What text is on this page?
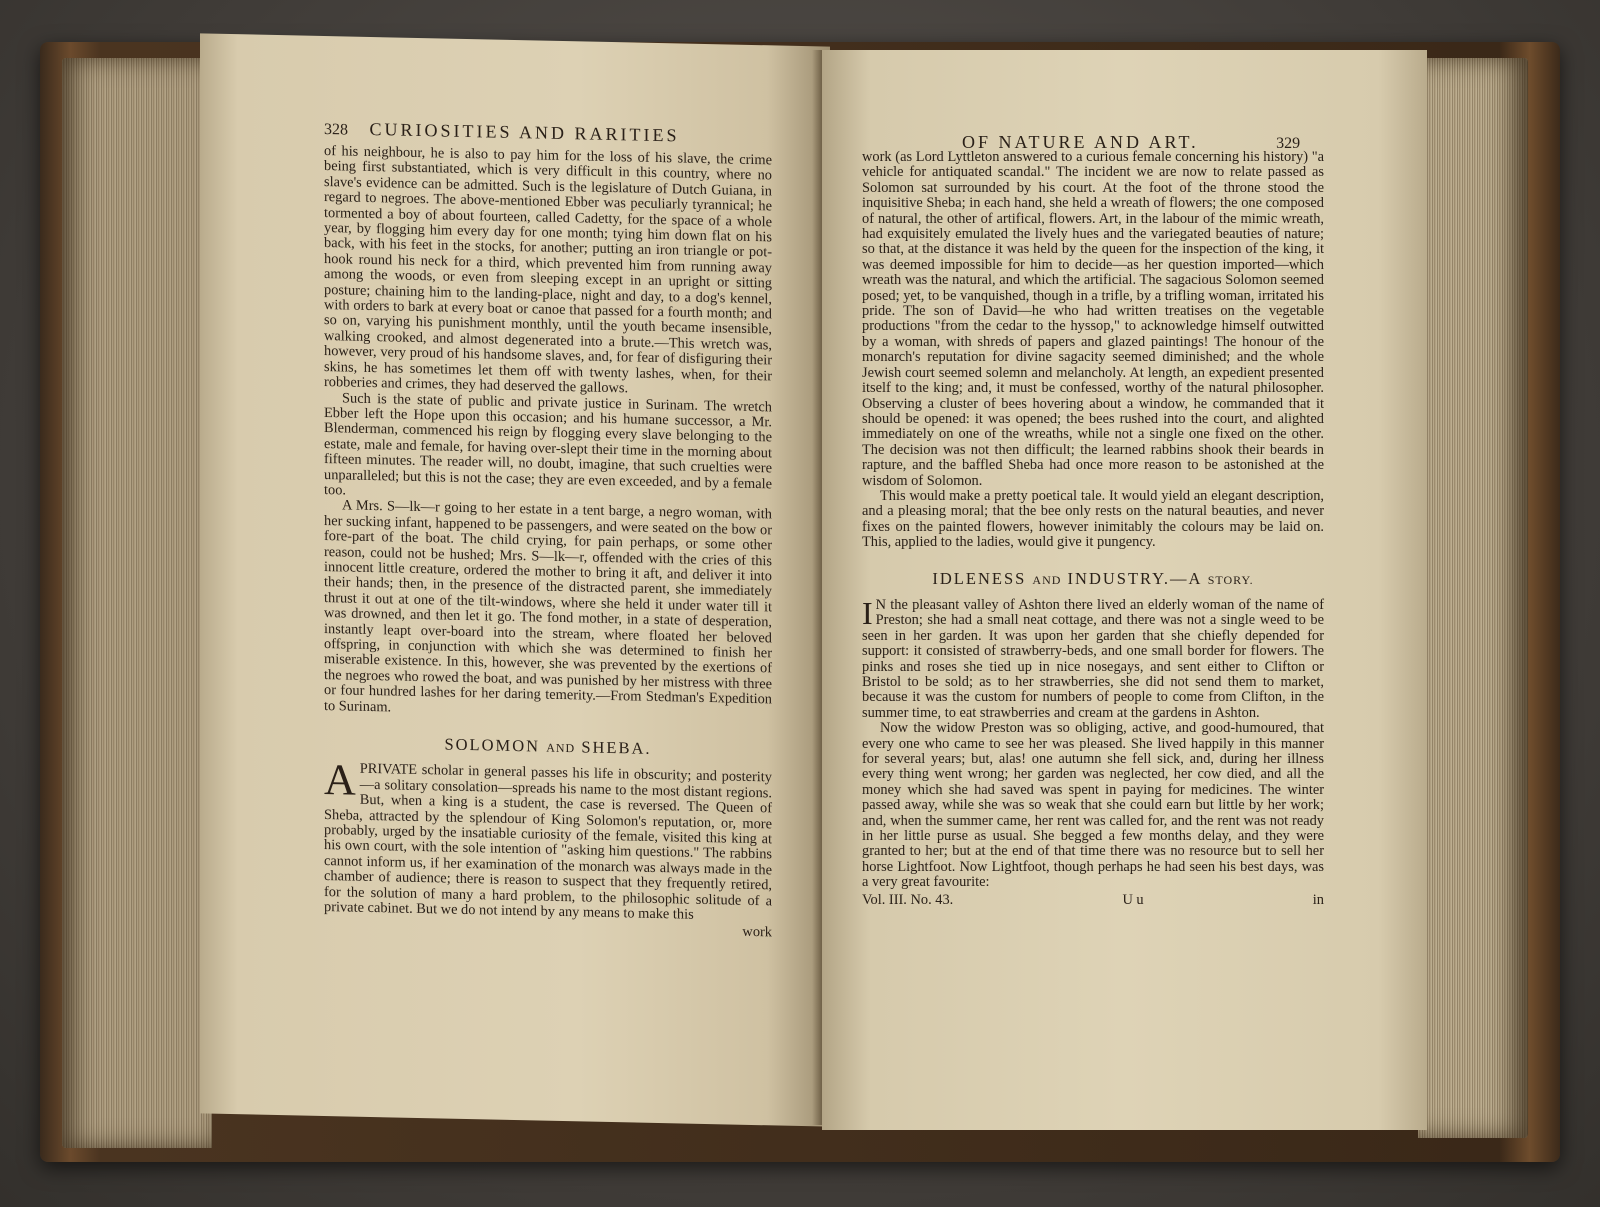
328 CURIOSITIES AND RARITIES

of his neighbour, he is also to pay him for the loss of his slave, the crime being first substantiated, which is very difficult in this country, where no slave's evidence can be admitted. Such is the legislature of Dutch Guiana, in regard to negroes. The above-mentioned Ebber was peculiarly tyrannical; he tormented a boy of about fourteen, called Cadetty, for the space of a whole year, by flogging him every day for one month; tying him down flat on his back, with his feet in the stocks, for another; putting an iron triangle or pot-hook round his neck for a third, which prevented him from running away among the woods, or even from sleeping except in an upright or sitting posture; chaining him to the landing-place, night and day, to a dog's kennel, with orders to bark at every boat or canoe that passed for a fourth month; and so on, varying his punishment monthly, until the youth became insensible, walking crooked, and almost degenerated into a brute.—This wretch was, however, very proud of his handsome slaves, and, for fear of disfiguring their skins, he has sometimes let them off with twenty lashes, when, for their robberies and crimes, they had deserved the gallows.

Such is the state of public and private justice in Surinam. The wretch Ebber left the Hope upon this occasion; and his humane successor, a Mr. Blenderman, commenced his reign by flogging every slave belonging to the estate, male and female, for having over-slept their time in the morning about fifteen minutes. The reader will, no doubt, imagine, that such cruelties were unparalleled; but this is not the case; they are even exceeded, and by a female too.

A Mrs. S—lk—r going to her estate in a tent barge, a negro woman, with her sucking infant, happened to be passengers, and were seated on the bow or fore-part of the boat. The child crying, for pain perhaps, or some other reason, could not be hushed; Mrs. S—lk—r, offended with the cries of this innocent little creature, ordered the mother to bring it aft, and deliver it into their hands; then, in the presence of the distracted parent, she immediately thrust it out at one of the tilt-windows, where she held it under water till it was drowned, and then let it go. The fond mother, in a state of desperation, instantly leapt over-board into the stream, where floated her beloved offspring, in conjunction with which she was determined to finish her miserable existence. In this, however, she was prevented by the exertions of the negroes who rowed the boat, and was punished by her mistress with three or four hundred lashes for her daring temerity.—From Stedman's Expedition to Surinam.

SOLOMON AND SHEBA.

APRIVATE scholar in general passes his life in obscurity; and posterity—a solitary consolation—spreads his name to the most distant regions. But, when a king is a student, the case is reversed. The Queen of Sheba, attracted by the splendour of King Solomon's reputation, or, more probably, urged by the insatiable curiosity of the female, visited this king at his own court, with the sole intention of "asking him questions." The rabbins cannot inform us, if her examination of the monarch was always made in the chamber of audience; there is reason to suspect that they frequently retired, for the solution of many a hard problem, to the philosophic solitude of a private cabinet. But we do not intend by any means to make this

work

OF NATURE AND ART.	329

work (as Lord Lyttleton answered to a curious female concerning his history) "a vehicle for antiquated scandal." The incident we are now to relate passed as Solomon sat surrounded by his court. At the foot of the throne stood the inquisitive Sheba; in each hand, she held a wreath of flowers; the one composed of natural, the other of artifical, flowers. Art, in the labour of the mimic wreath, had exquisitely emulated the lively hues and the variegated beauties of nature; so that, at the distance it was held by the queen for the inspection of the king, it was deemed impossible for him to decide—as her question imported—which wreath was the natural, and which the artificial. The sagacious Solomon seemed posed; yet, to be vanquished, though in a trifle, by a trifling woman, irritated his pride. The son of David—he who had written treatises on the vegetable productions "from the cedar to the hyssop," to acknowledge himself outwitted by a woman, with shreds of papers and glazed paintings! The honour of the monarch's reputation for divine sagacity seemed diminished; and the whole Jewish court seemed solemn and melancholy. At length, an expedient presented itself to the king; and, it must be confessed, worthy of the natural philosopher. Observing a cluster of bees hovering about a window, he commanded that it should be opened: it was opened; the bees rushed into the court, and alighted immediately on one of the wreaths, while not a single one fixed on the other. The decision was not then difficult; the learned rabbins shook their beards in rapture, and the baffled Sheba had once more reason to be astonished at the wisdom of Solomon.

This would make a pretty poetical tale. It would yield an elegant description, and a pleasing moral; that the bee only rests on the natural beauties, and never fixes on the painted flowers, however inimitably the colours may be laid on. This, applied to the ladies, would give it pungency.

IDLENESS AND INDUSTRY.—A STORY.

I N the pleasant valley of Ashton there lived an elderly woman of the name of Preston; she had a small neat cottage, and there was not a single weed to be seen in her garden. It was upon her garden that she chiefly depended for support: it consisted of strawberry-beds, and one small border for flowers. The pinks and roses she tied up in nice nosegays, and sent either to Clifton or Bristol to be sold; as to her strawberries, she did not send them to market, because it was the custom for numbers of people to come from Clifton, in the summer time, to eat strawberries and cream at the gardens in Ashton.

Now the widow Preston was so obliging, active, and good-humoured, that every one who came to see her was pleased. She lived happily in this manner for several years; but, alas! one autumn she fell sick, and, during her illness every thing went wrong; her garden was neglected, her cow died, and all the money which she had saved was spent in paying for medicines. The winter passed away, while she was so weak that she could earn but little by her work; and, when the summer came, her rent was called for, and the rent was not ready in her little purse as usual. She begged a few months delay, and they were granted to her; but at the end of that time there was no resource but to sell her horse Lightfoot. Now Lightfoot, though perhaps he had seen his best days, was a very great favourite:

Vol. III. No. 43.	U u	in
